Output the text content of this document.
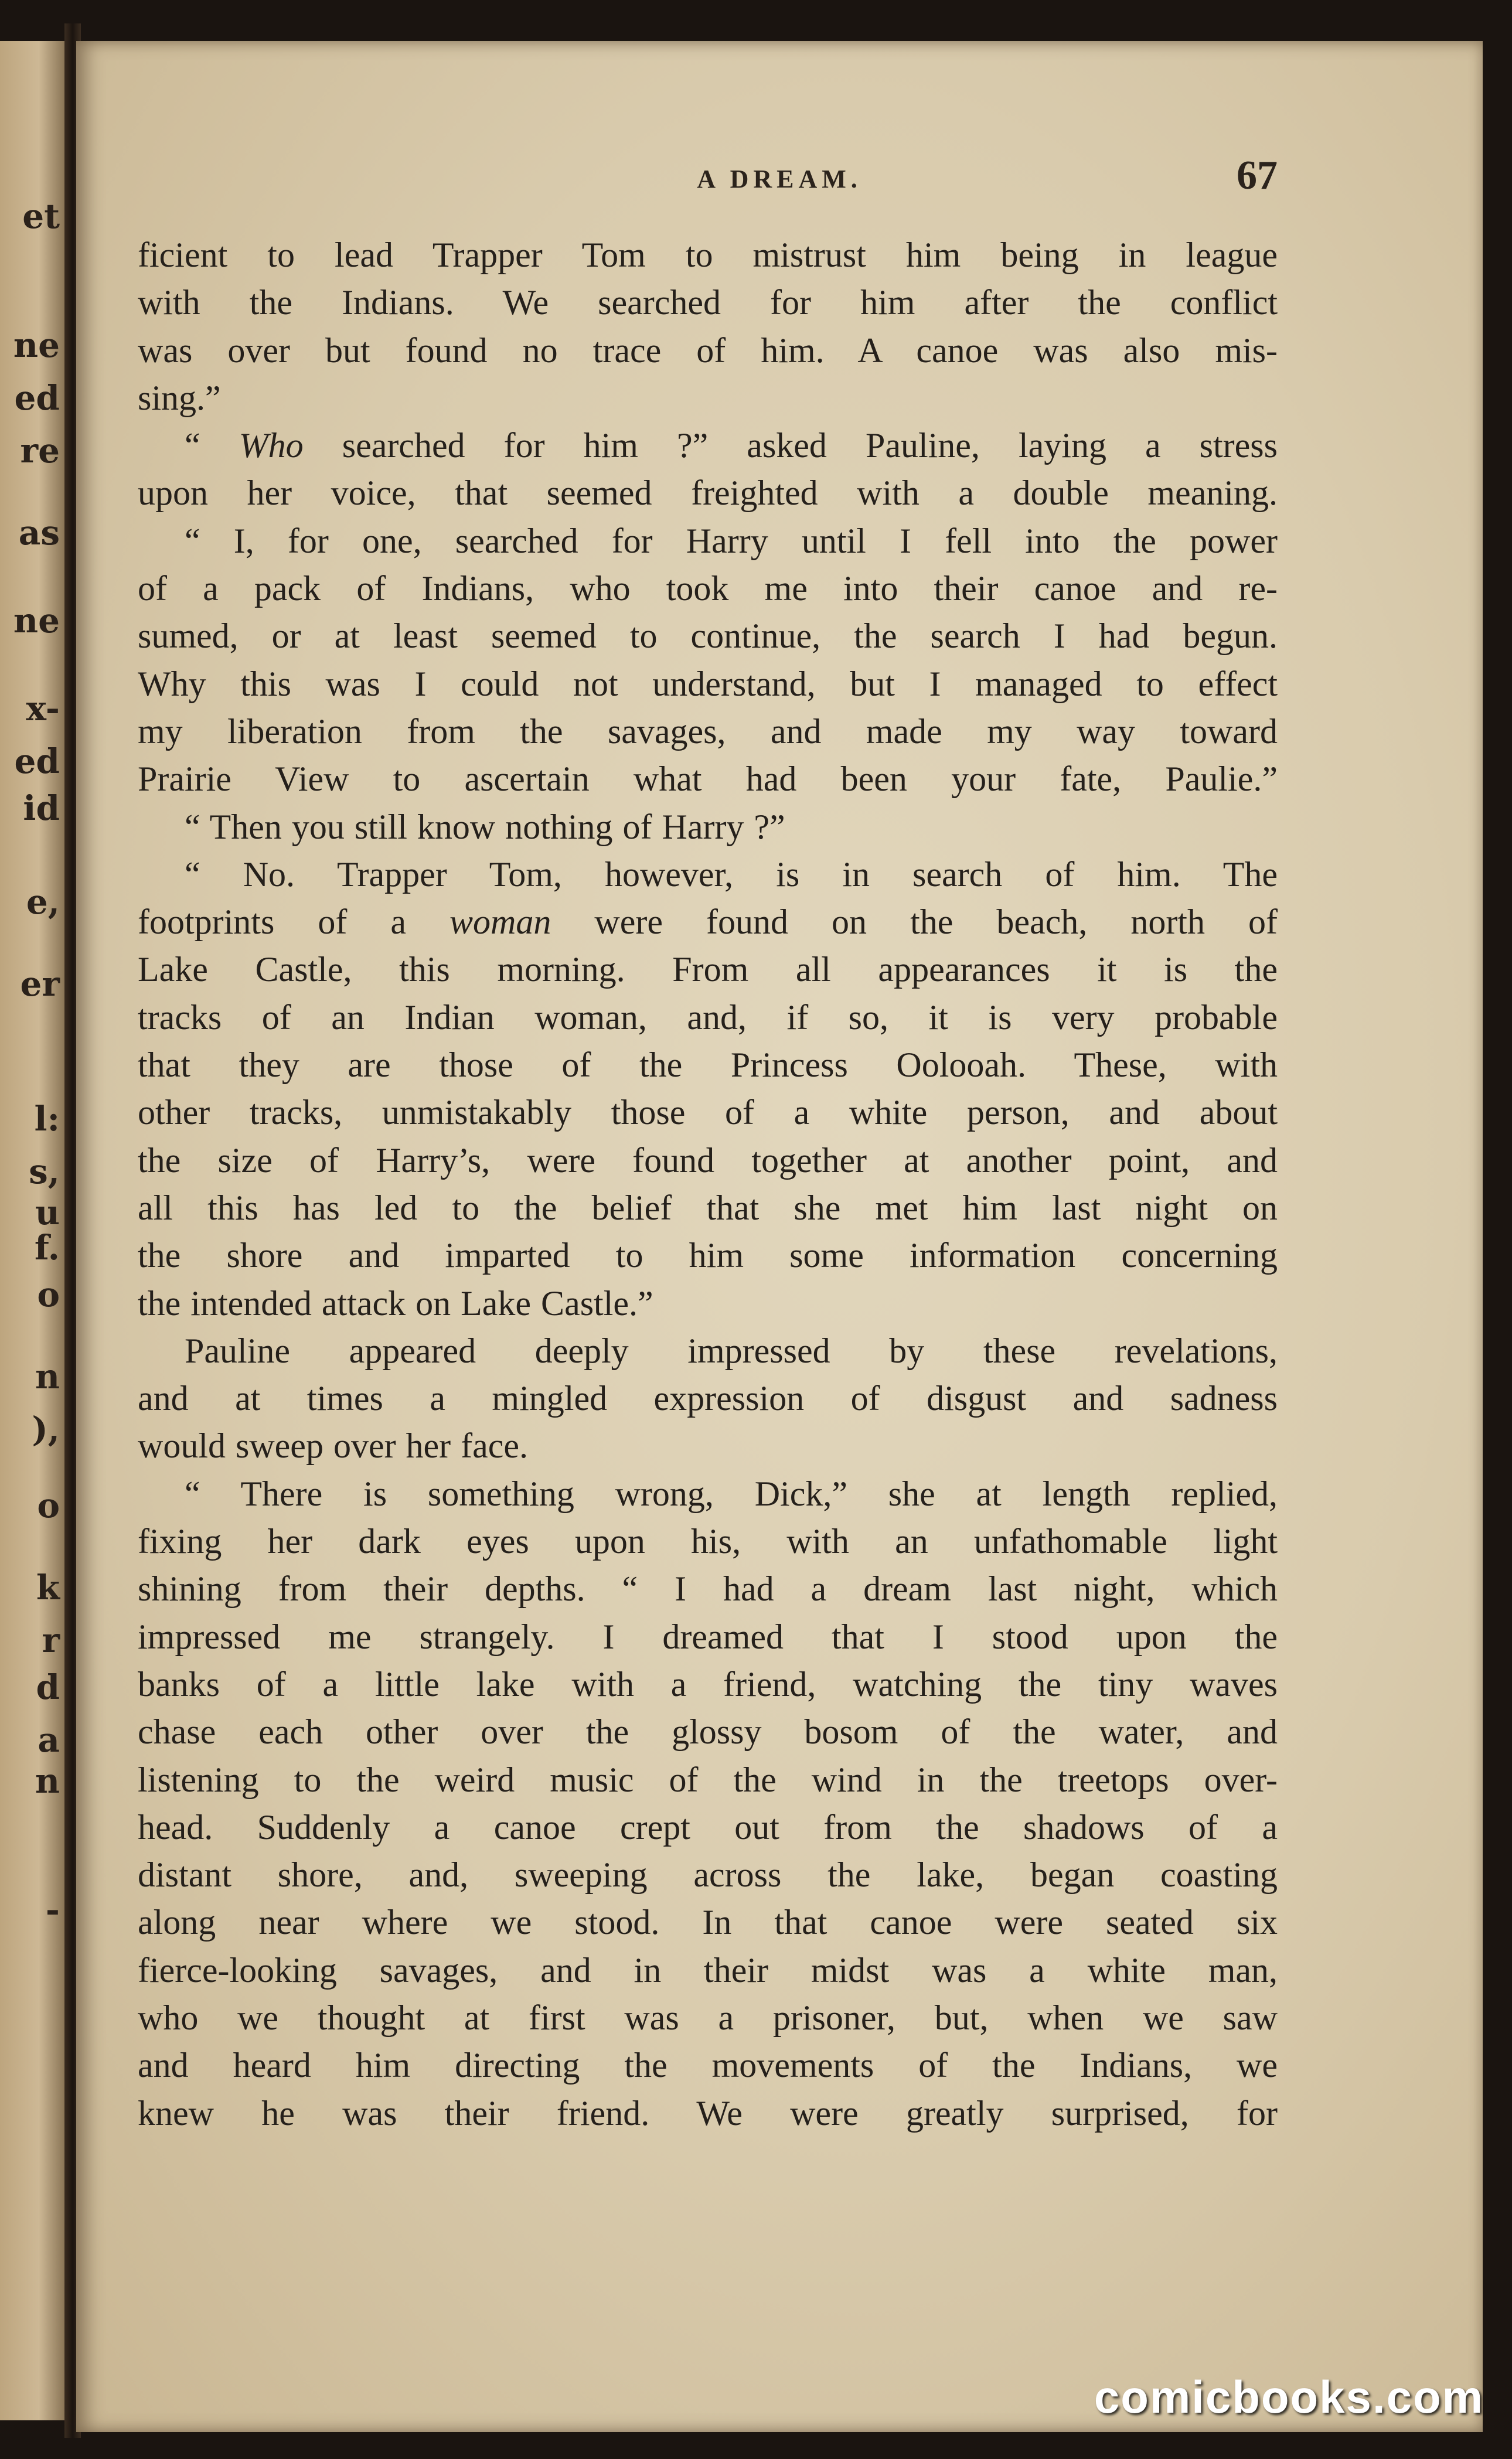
et
ne
ed
re
as
ne
x-
ed
id
e,
er
l:
s,
u
f.
o
n
),
o
k
r
d
a
n
-
A DREAM.	67
ficient to lead Trapper Tom to mistrust him being in league
with the Indians. We searched for him after the conflict
was over but found no trace of him. A canoe was also mis-
sing.”
“ Who searched for him ?” asked Pauline, laying a stress
upon her voice, that seemed freighted with a double meaning.
“ I, for one, searched for Harry until I fell into the power
of a pack of Indians, who took me into their canoe and re-
sumed, or at least seemed to continue, the search I had begun.
Why this was I could not understand, but I managed to effect
my liberation from the savages, and made my way toward
Prairie View to ascertain what had been your fate, Paulie.”
“ Then you still know nothing of Harry ?”
“ No. Trapper Tom, however, is in search of him. The
footprints of a woman were found on the beach, north of
Lake Castle, this morning. From all appearances it is the
tracks of an Indian woman, and, if so, it is very probable
that they are those of the Princess Oolooah. These, with
other tracks, unmistakably those of a white person, and about
the size of Harry’s, were found together at another point, and
all this has led to the belief that she met him last night on
the shore and imparted to him some information concerning
the intended attack on Lake Castle.”
Pauline appeared deeply impressed by these revelations,
and at times a mingled expression of disgust and sadness
would sweep over her face.
“ There is something wrong, Dick,” she at length replied,
fixing her dark eyes upon his, with an unfathomable light
shining from their depths. “ I had a dream last night, which
impressed me strangely. I dreamed that I stood upon the
banks of a little lake with a friend, watching the tiny waves
chase each other over the glossy bosom of the water, and
listening to the weird music of the wind in the treetops over-
head. Suddenly a canoe crept out from the shadows of a
distant shore, and, sweeping across the lake, began coasting
along near where we stood. In that canoe were seated six
fierce-looking savages, and in their midst was a white man,
who we thought at first was a prisoner, but, when we saw
and heard him directing the movements of the Indians, we
knew he was their friend. We were greatly surprised, for
comicbooks.com
